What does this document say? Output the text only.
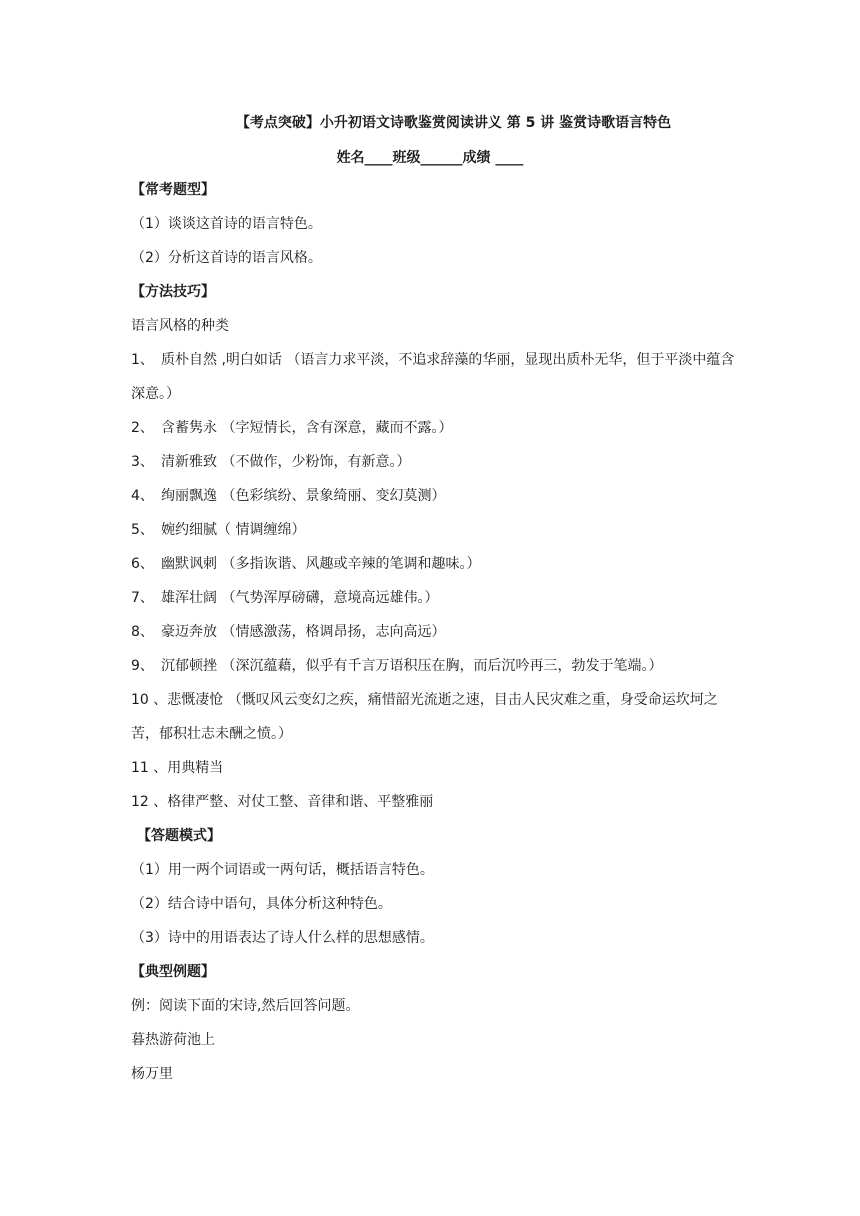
【考点突破】小升初语文诗歌鉴赏阅读讲义 第 5 讲 鉴赏诗歌语言特色
姓名____班级______成绩 ____
【常考题型】
（1）谈谈这首诗的语言特色。
（2）分析这首诗的语言风格。
【方法技巧】
语言风格的种类
1、 质朴自然 ,明白如话 （语言力求平淡，不追求辞藻的华丽，显现出质朴无华，但于平淡中蕴含深意。）
2、 含蓄隽永 （字短情长，含有深意，藏而不露。）
3、 清新雅致 （不做作，少粉饰，有新意。）
4、 绚丽飘逸 （色彩缤纷、景象绮丽、变幻莫测）
5、 婉约细腻（ 情调缠绵）
6、 幽默讽刺 （多指诙谐、风趣或辛辣的笔调和趣味。）
7、 雄浑壮阔 （气势浑厚磅礴，意境高远雄伟。）
8、 豪迈奔放 （情感激荡，格调昂扬，志向高远）
9、 沉郁顿挫 （深沉蕴藉，似乎有千言万语积压在胸，而后沉吟再三，勃发于笔端。）
10 、悲慨凄怆 （慨叹风云变幻之疾，痛惜韶光流逝之速，目击人民灾难之重，身受命运坎坷之苦，郁积壮志未酬之愤。）
11 、用典精当
12 、格律严整、对仗工整、音律和谐、平整雅丽
【答题模式】
（1）用一两个词语或一两句话，概括语言特色。
（2）结合诗中语句，具体分析这种特色。
（3）诗中的用语表达了诗人什么样的思想感情。
【典型例题】
例：阅读下面的宋诗,然后回答问题。
暮热游荷池上
杨万里
